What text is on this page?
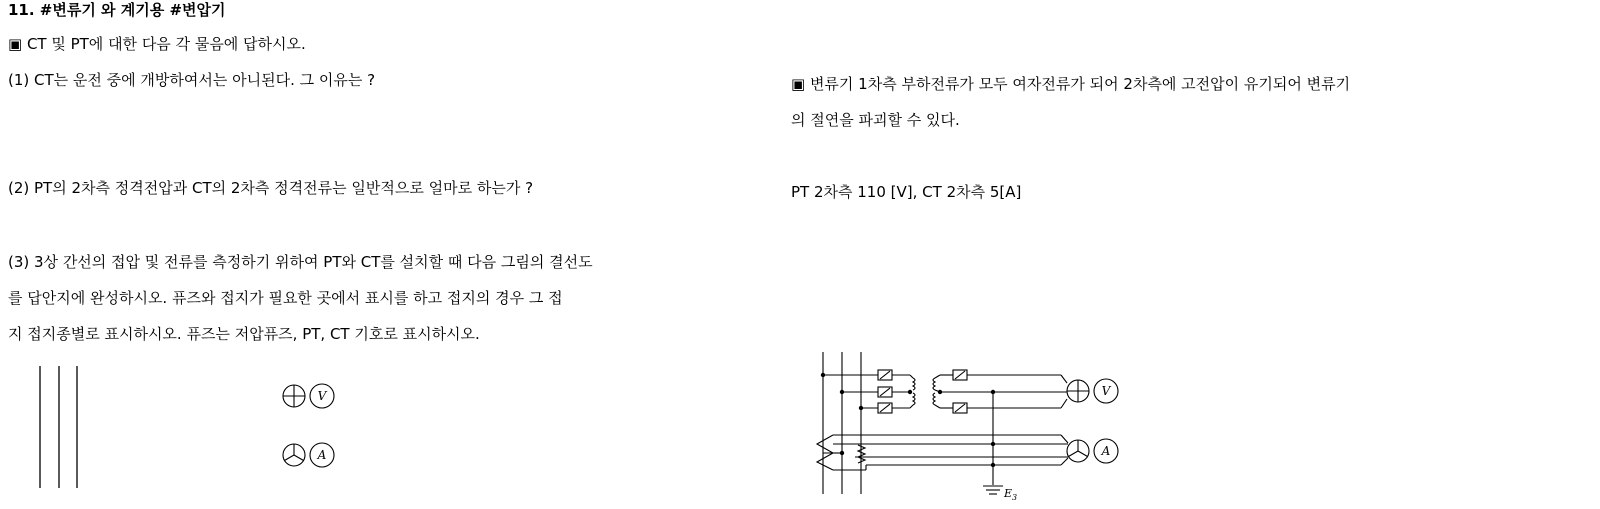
11. #변류기 와 계기용 #변압기
▣ CT 및 PT에 대한 다음 각 물음에 답하시오.
(1) CT는 운전 중에 개방하여서는 아니된다. 그 이유는 ?
(2) PT의 2차측 정격전압과 CT의 2차측 정격전류는 일반적으로 얼마로 하는가 ?
(3) 3상 간선의 접압 및 전류를 측정하기 위하여 PT와 CT를 설치할 때 다음 그림의 결선도
를 답안지에 완성하시오. 퓨즈와 접지가 필요한 곳에서 표시를 하고 접지의 경우 그 접
지 접지종별로 표시하시오. 퓨즈는 저압퓨즈, PT, CT 기호로 표시하시오.
▣ 변류기 1차측 부하전류가 모두 여자전류가 되어 2차측에 고전압이 유기되어 변류기
의 절연을 파괴할 수 있다.
PT 2차측 110 [V], CT 2차측 5[A]
V
A
V
A
E 3
